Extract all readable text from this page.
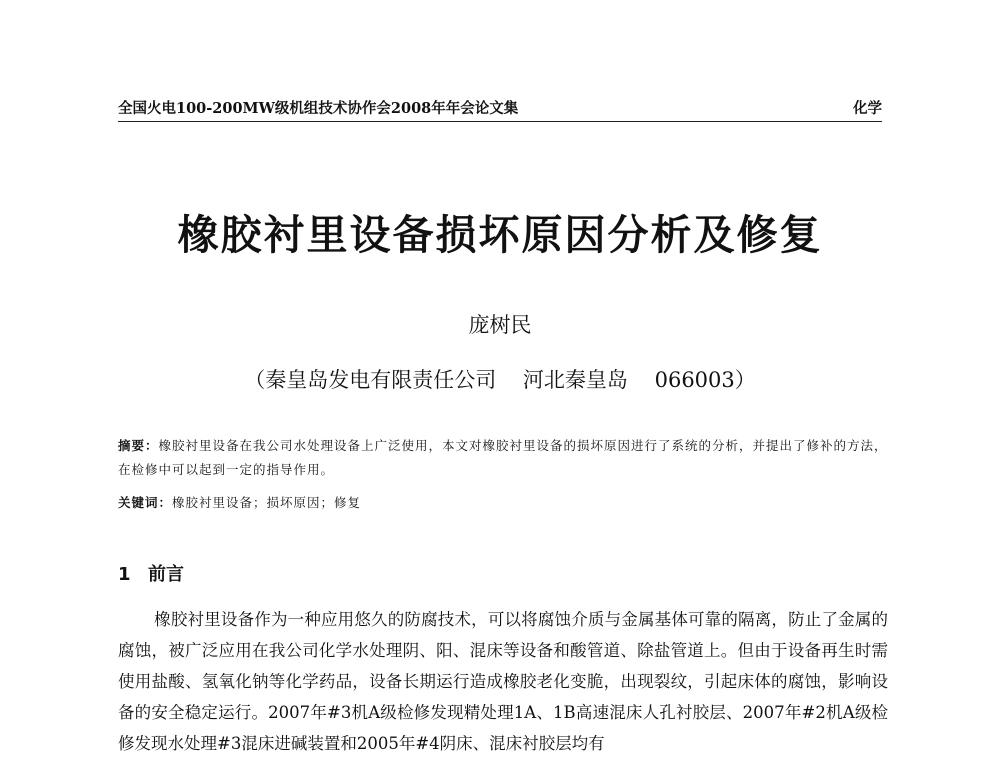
全国火电100-200MW级机组技术协作会2008年年会论文集	化学
橡胶衬里设备损坏原因分析及修复
庞树民
（秦皇岛发电有限责任公司    河北秦皇岛    066003）
摘要：橡胶衬里设备在我公司水处理设备上广泛使用，本文对橡胶衬里设备的损坏原因进行了系统的分析，并提出了修补的方法，在检修中可以起到一定的指导作用。
关键词：橡胶衬里设备；损坏原因；修复
1 前言
橡胶衬里设备作为一种应用悠久的防腐技术，可以将腐蚀介质与金属基体可靠的隔离，防止了金属的腐蚀，被广泛应用在我公司化学水处理阴、阳、混床等设备和酸管道、除盐管道上。但由于设备再生时需使用盐酸、氢氧化钠等化学药品，设备长期运行造成橡胶老化变脆，出现裂纹，引起床体的腐蚀，影响设备的安全稳定运行。2007年#3机A级检修发现精处理1A、1B高速混床人孔衬胶层、2007年#2机A级检修发现水处理#3混床进碱装置和2005年#4阴床、混床衬胶层均有
